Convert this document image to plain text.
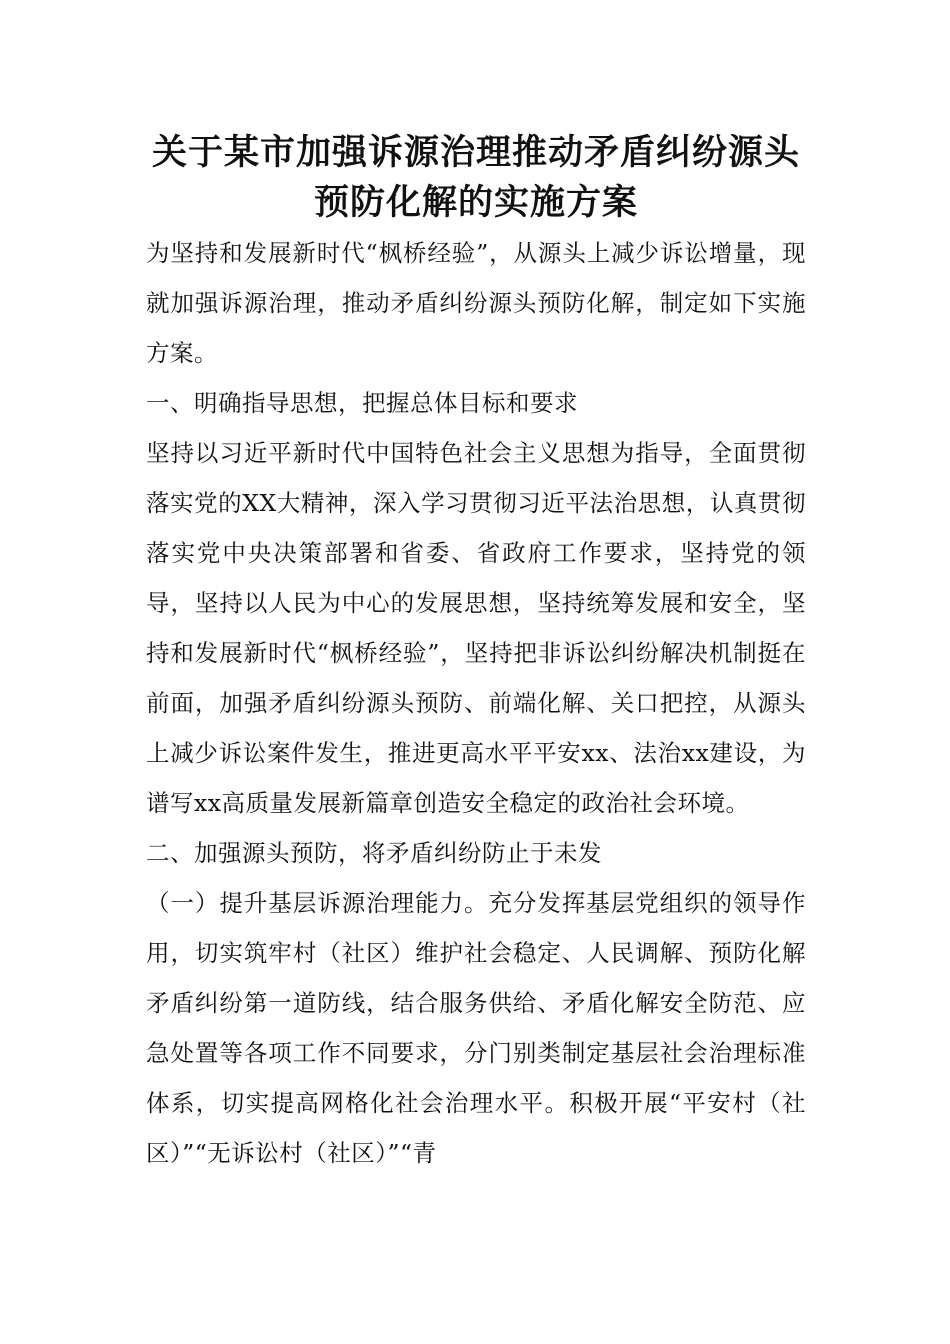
关于某市加强诉源治理推动矛盾纠纷源头
预防化解的实施方案

为坚持和发展新时代“枫桥经验”，从源头上减少诉讼增量，现就加强诉源治理，推动矛盾纠纷源头预防化解，制定如下实施方案。

一、明确指导思想，把握总体目标和要求

坚持以习近平新时代中国特色社会主义思想为指导，全面贯彻落实党的XX大精神，深入学习贯彻习近平法治思想，认真贯彻落实党中央决策部署和省委、省政府工作要求，坚持党的领导，坚持以人民为中心的发展思想，坚持统筹发展和安全，坚持和发展新时代“枫桥经验”，坚持把非诉讼纠纷解决机制挺在前面，加强矛盾纠纷源头预防、前端化解、关口把控，从源头上减少诉讼案件发生，推进更高水平平安xx、法治xx建设，为谱写xx高质量发展新篇章创造安全稳定的政治社会环境。

二、加强源头预防，将矛盾纠纷防止于未发

（一）提升基层诉源治理能力。充分发挥基层党组织的领导作用，切实筑牢村（社区）维护社会稳定、人民调解、预防化解矛盾纠纷第一道防线，结合服务供给、矛盾化解安全防范、应急处置等各项工作不同要求，分门别类制定基层社会治理标准体系，切实提高网格化社会治理水平。积极开展“平安村（社区）”“无诉讼村（社区）”“青
